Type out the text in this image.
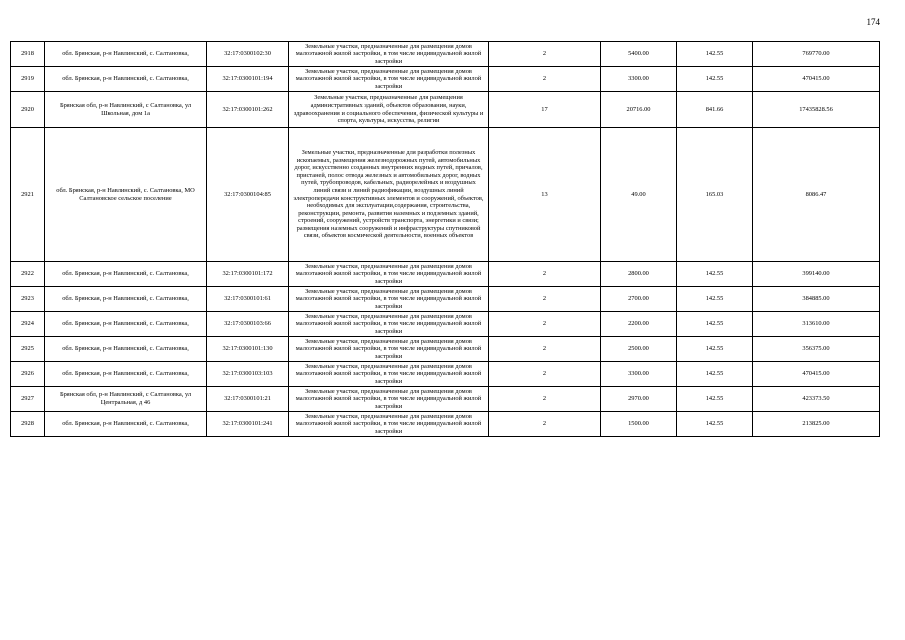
174
2918	обл. Брянская, р-н Навлинский, с. Салтановка,	32:17:0300102:30	Земельные участки, предназначенные для размещения домов малоэтажной жилой застройки, в том числе индивидуальной жилой застройки	2	5400.00	142.55	769770.00
2919	обл. Брянская, р-н Навлинский, с. Салтановка,	32:17:0300101:194	Земельные участки, предназначенные для размещения домов малоэтажной жилой застройки, в том числе индивидуальной жилой застройки	2	3300.00	142.55	470415.00
2920	Брянская обл, р-н Навлинский, с Салтановка, ул Школьная, дом 1а	32:17:0300101:262	Земельные участки, предназначенные для размещения административных зданий, объектов образования, науки, здравоохранения и социального обеспечения, физической культуры и спорта, культуры, искусства, религии	17	20716.00	841.66	17435828.56
2921	обл. Брянская, р-н Навлинский, с. Салтановка, МО Салтановское сельское поселение	32:17:0300104:85	Земельные участки, предназначенные для разработки полезных ископаемых, размещения железнодорожных путей, автомобильных дорог, искусственно созданных внутренних водных путей, причалов, пристаней, полос отвода железных и автомобильных дорог, водных путей, трубопроводов, кабельных, радиорелейных и воздушных линий связи и линий радиофикации, воздушных линий электропередачи конструктивных элементов и сооружений, объектов, необходимых для эксплуатации,содержания, строительства, реконструкции, ремонта, развития наземных и подземных зданий, строений, сооружений, устройств транспорта, энергетики и связи; размещения наземных сооружений и инфраструктуры спутниковой связи, объектов космической деятельности, военных объектов	13	49.00	165.03	8086.47
2922	обл. Брянская, р-н Навлинский, с. Салтановка,	32:17:0300101:172	Земельные участки, предназначенные для размещения домов малоэтажной жилой застройки, в том числе индивидуальной жилой застройки	2	2800.00	142.55	399140.00
2923	обл. Брянская, р-н Навлинский, с. Салтановка,	32:17:0300101:61	Земельные участки, предназначенные для размещения домов малоэтажной жилой застройки, в том числе индивидуальной жилой застройки	2	2700.00	142.55	384885.00
2924	обл. Брянская, р-н Навлинский, с. Салтановка,	32:17:0300103:66	Земельные участки, предназначенные для размещения домов малоэтажной жилой застройки, в том числе индивидуальной жилой застройки	2	2200.00	142.55	313610.00
2925	обл. Брянская, р-н Навлинский, с. Салтановка,	32:17:0300101:130	Земельные участки, предназначенные для размещения домов малоэтажной жилой застройки, в том числе индивидуальной жилой застройки	2	2500.00	142.55	356375.00
2926	обл. Брянская, р-н Навлинский, с. Салтановка,	32:17:0300103:103	Земельные участки, предназначенные для размещения домов малоэтажной жилой застройки, в том числе индивидуальной жилой застройки	2	3300.00	142.55	470415.00
2927	Брянская обл, р-н Навлинский, с Салтановка, ул Центральная, д 46	32:17:0300101:21	Земельные участки, предназначенные для размещения домов малоэтажной жилой застройки, в том числе индивидуальной жилой застройки	2	2970.00	142.55	423373.50
2928	обл. Брянская, р-н Навлинский, с. Салтановка,	32:17:0300101:241	Земельные участки, предназначенные для размещения домов малоэтажной жилой застройки, в том числе индивидуальной жилой застройки	2	1500.00	142.55	213825.00
